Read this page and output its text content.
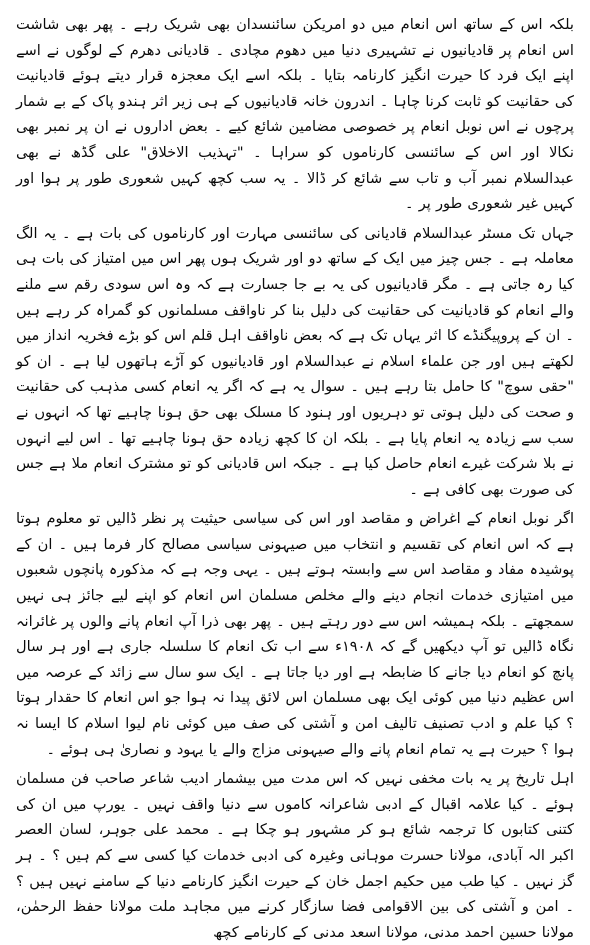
بلکہ اس کے ساتھ اس انعام میں دو امریکن سائنسدان بھی شریک رہے ۔ پھر بھی شاشت اس انعام پر قادیانیوں نے تشہیری دنیا میں دھوم مچادی ۔ قادیانی دھرم کے لوگوں نے اسے اپنے ایک فرد کا حیرت انگیز کارنامہ بتایا ۔ بلکہ اسے ایک معجزہ قرار دیتے ہوئے قادیانیت کی حقانیت کو ثابت کرنا چاہا ۔ اندرون خانہ قادیانیوں کے ہی زیر اثر ہندو پاک کے بے شمار پرچوں نے اس نوبل انعام پر خصوصی مضامین شائع کیے ۔ بعض اداروں نے ان پر نمبر بھی نکالا اور اس کے سائنسی کارناموں کو سراہا ۔ "تہذیب الاخلاق" علی گڈھ نے بھی عبدالسلام نمبر آب و تاب سے شائع کر ڈالا ۔ یہ سب کچھ کہیں شعوری طور پر ہوا اور کہیں غیر شعوری طور پر ۔

جہاں تک مسٹر عبدالسلام قادیانی کی سائنسی مہارت اور کارناموں کی بات ہے ۔ یہ الگ معاملہ ہے ۔ جس چیز میں ایک کے ساتھ دو اور شریک ہوں پھر اس میں امتیاز کی بات ہی کیا رہ جاتی ہے ۔ مگر قادیانیوں کی یہ بے جا جسارت ہے کہ وہ اس سودی رقم سے ملنے والے انعام کو قادیانیت کی حقانیت کی دلیل بنا کر ناواقف مسلمانوں کو گمراہ کر رہے ہیں ۔ ان کے پروپیگنڈے کا اثر یہاں تک ہے کہ بعض ناواقف اہل قلم اس کو بڑے فخریہ انداز میں لکھتے ہیں اور جن علماء اسلام نے عبدالسلام اور قادیانیوں کو آڑے ہاتھوں لیا ہے ۔ ان کو "حقی سوچ" کا حامل بتا رہے ہیں ۔ سوال یہ ہے کہ اگر یہ انعام کسی مذہب کی حقانیت و صحت کی دلیل ہوتی تو دہریوں اور ہنود کا مسلک بھی حق ہونا چاہیے تھا کہ انہوں نے سب سے زیادہ یہ انعام پایا ہے ۔ بلکہ ان کا کچھ زیادہ حق ہونا چاہیے تھا ۔ اس لیے انہوں نے بلا شرکت غیرے انعام حاصل کیا ہے ۔ جبکہ اس قادیانی کو تو مشترک انعام ملا ہے جس کی صورت بھی کافی ہے ۔

اگر نوبل انعام کے اغراض و مقاصد اور اس کی سیاسی حیثیت پر نظر ڈالیں تو معلوم ہوتا ہے کہ اس انعام کی تقسیم و انتخاب میں صیہونی سیاسی مصالح کار فرما ہیں ۔ ان کے پوشیدہ مفاد و مقاصد اس سے وابستہ ہوتے ہیں ۔ یہی وجہ ہے کہ مذکورہ پانچوں شعبوں میں امتیازی خدمات انجام دینے والے مخلص مسلمان اس انعام کو اپنے لیے جائز ہی نہیں سمجھتے ۔ بلکہ ہمیشہ اس سے دور رہتے ہیں ۔ پھر بھی ذرا آپ انعام پانے والوں پر غائرانہ نگاہ ڈالیں تو آپ دیکھیں گے کہ ۱۹۰۸ء سے اب تک انعام کا سلسلہ جاری ہے اور ہر سال پانچ کو انعام دیا جانے کا ضابطہ ہے اور دیا جاتا ہے ۔ ایک سو سال سے زائد کے عرصہ میں اس عظیم دنیا میں کوئی ایک بھی مسلمان اس لائق پیدا نہ ہوا جو اس انعام کا حقدار ہوتا ؟ کیا علم و ادب تصنیف تالیف امن و آشتی کی صف میں کوئی نام لیوا اسلام کا ایسا نہ ہوا ؟ حیرت ہے یہ تمام انعام پانے والے صیہونی مزاج والے یا یہود و نصاریٰ ہی ہوئے ۔

اہل تاریخ پر یہ بات مخفی نہیں کہ اس مدت میں بیشمار ادیب شاعر صاحب فن مسلمان ہوئے ۔ کیا علامہ اقبال کے ادبی شاعرانہ کاموں سے دنیا واقف نہیں ۔ یورپ میں ان کی کتنی کتابوں کا ترجمہ شائع ہو کر مشہور ہو چکا ہے ۔ محمد علی جوہر، لسان العصر اکبر الہ آبادی، مولانا حسرت موہانی وغیرہ کی ادبی خدمات کیا کسی سے کم ہیں ؟ ۔ ہر گز نہیں ۔ کیا طب میں حکیم اجمل خان کے حیرت انگیز کارنامے دنیا کے سامنے نہیں ہیں ؟ ۔ امن و آشتی کی بین الاقوامی فضا سازگار کرنے میں مجاہد ملت مولانا حفظ الرحمٰن، مولانا حسین احمد مدنی، مولانا اسعد مدنی کے کارنامے کچھ
